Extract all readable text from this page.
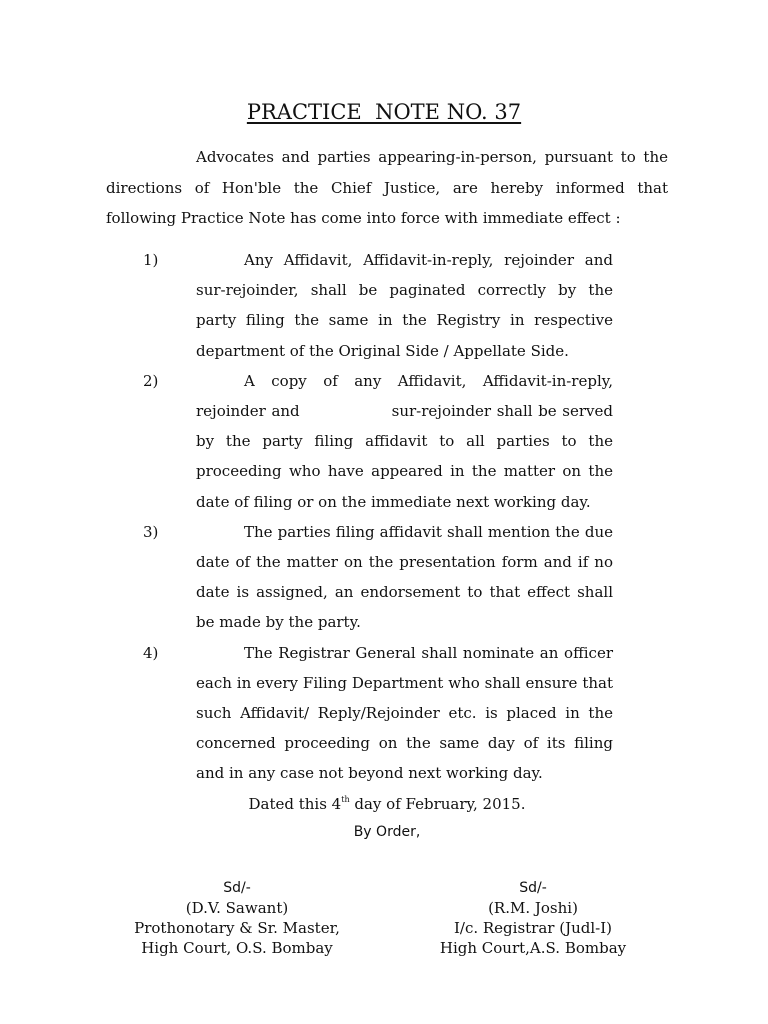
PRACTICE  NOTE NO. 37

Advocates and parties appearing-in-person, pursuant to the directions of Hon'ble the Chief Justice, are hereby informed that following Practice Note has come into force with immediate effect :

1)	Any Affidavit, Affidavit-in-reply, rejoinder and sur-rejoinder, shall be paginated correctly by the party filing the same in the Registry in respective department of the Original Side / Appellate Side.
2)	A copy of any Affidavit, Affidavit-in-reply, rejoinder and	sur-rejoinder shall be served by the party filing affidavit to all parties to the proceeding who have appeared in the matter on the date of filing or on the immediate next working day.
3)	The parties filing affidavit shall mention the due date of the matter on the presentation form and if no date is assigned, an endorsement to that effect shall be made by the party.
4)	The Registrar General shall nominate an officer each in every Filing Department who shall ensure that such Affidavit/ Reply/Rejoinder etc. is placed in the concerned proceeding on the same day of its filing and in any case not beyond next working day.
Dated this 4th day of February, 2015.
By Order,
Sd/-
(D.V. Sawant)
Prothonotary & Sr. Master,
High Court, O.S. Bombay
Sd/-
(R.M. Joshi)
I/c. Registrar (Judl-I)
High Court,A.S. Bombay
